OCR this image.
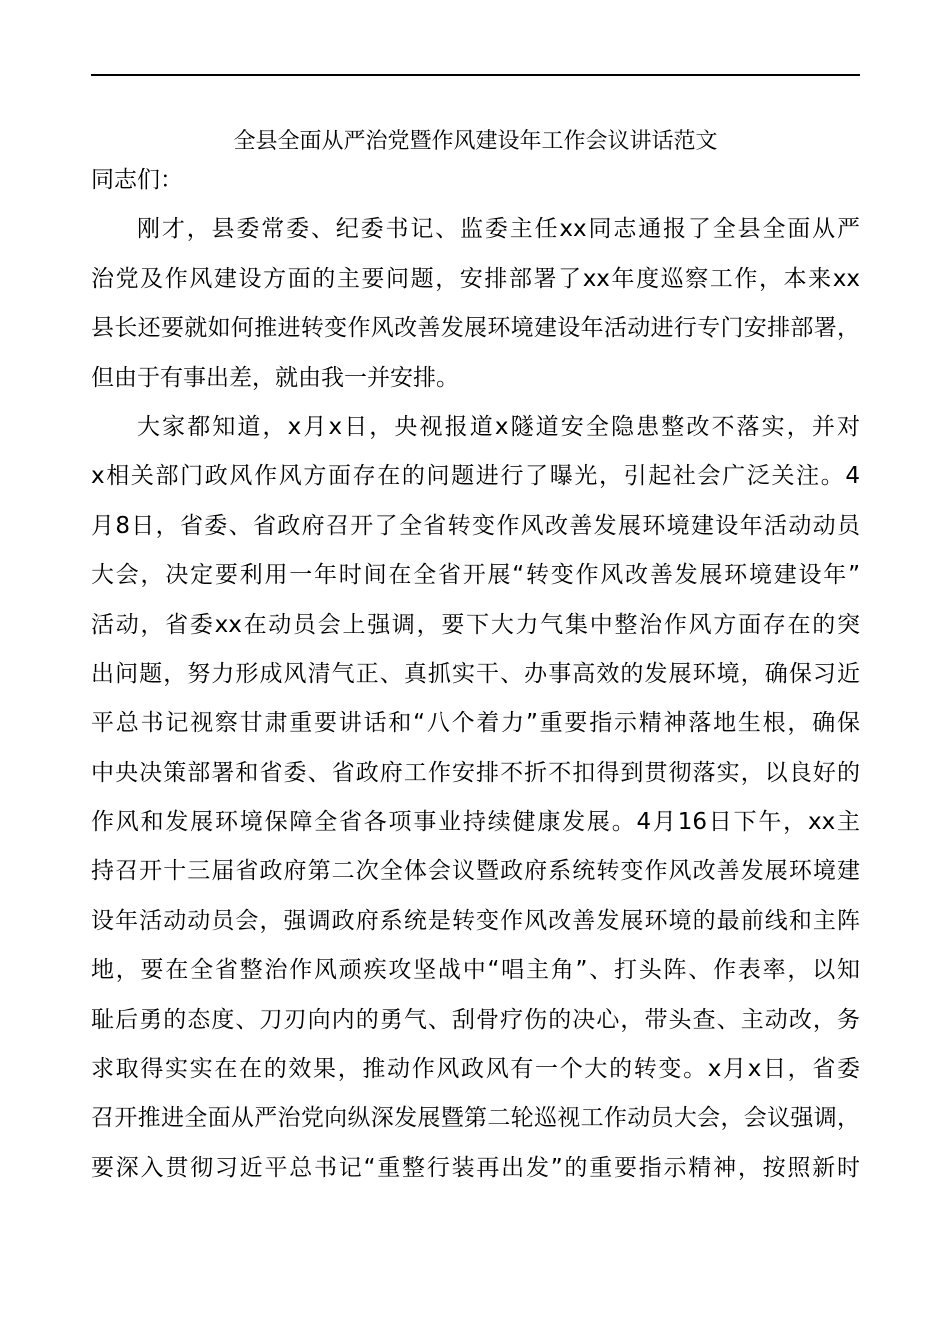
全县全面从严治党暨作风建设年工作会议讲话范文
同志们：
刚才，县委常委、纪委书记、监委主任xx同志通报了全县全面从严
治党及作风建设方面的主要问题，安排部署了xx年度巡察工作，本来xx
县长还要就如何推进转变作风改善发展环境建设年活动进行专门安排部署，
但由于有事出差，就由我一并安排。
大家都知道，x月x日，央视报道x隧道安全隐患整改不落实，并对
x相关部门政风作风方面存在的问题进行了曝光，引起社会广泛关注。4
月8日，省委、省政府召开了全省转变作风改善发展环境建设年活动动员
大会，决定要利用一年时间在全省开展“转变作风改善发展环境建设年”
活动，省委xx在动员会上强调，要下大力气集中整治作风方面存在的突
出问题，努力形成风清气正、真抓实干、办事高效的发展环境，确保习近
平总书记视察甘肃重要讲话和“八个着力”重要指示精神落地生根，确保
中央决策部署和省委、省政府工作安排不折不扣得到贯彻落实，以良好的
作风和发展环境保障全省各项事业持续健康发展。4月16日下午，xx主
持召开十三届省政府第二次全体会议暨政府系统转变作风改善发展环境建
设年活动动员会，强调政府系统是转变作风改善发展环境的最前线和主阵
地，要在全省整治作风顽疾攻坚战中“唱主角”、打头阵、作表率，以知
耻后勇的态度、刀刃向内的勇气、刮骨疗伤的决心，带头查、主动改，务
求取得实实在在的效果，推动作风政风有一个大的转变。x月x日，省委
召开推进全面从严治党向纵深发展暨第二轮巡视工作动员大会，会议强调，
要深入贯彻习近平总书记“重整行装再出发”的重要指示精神，按照新时
